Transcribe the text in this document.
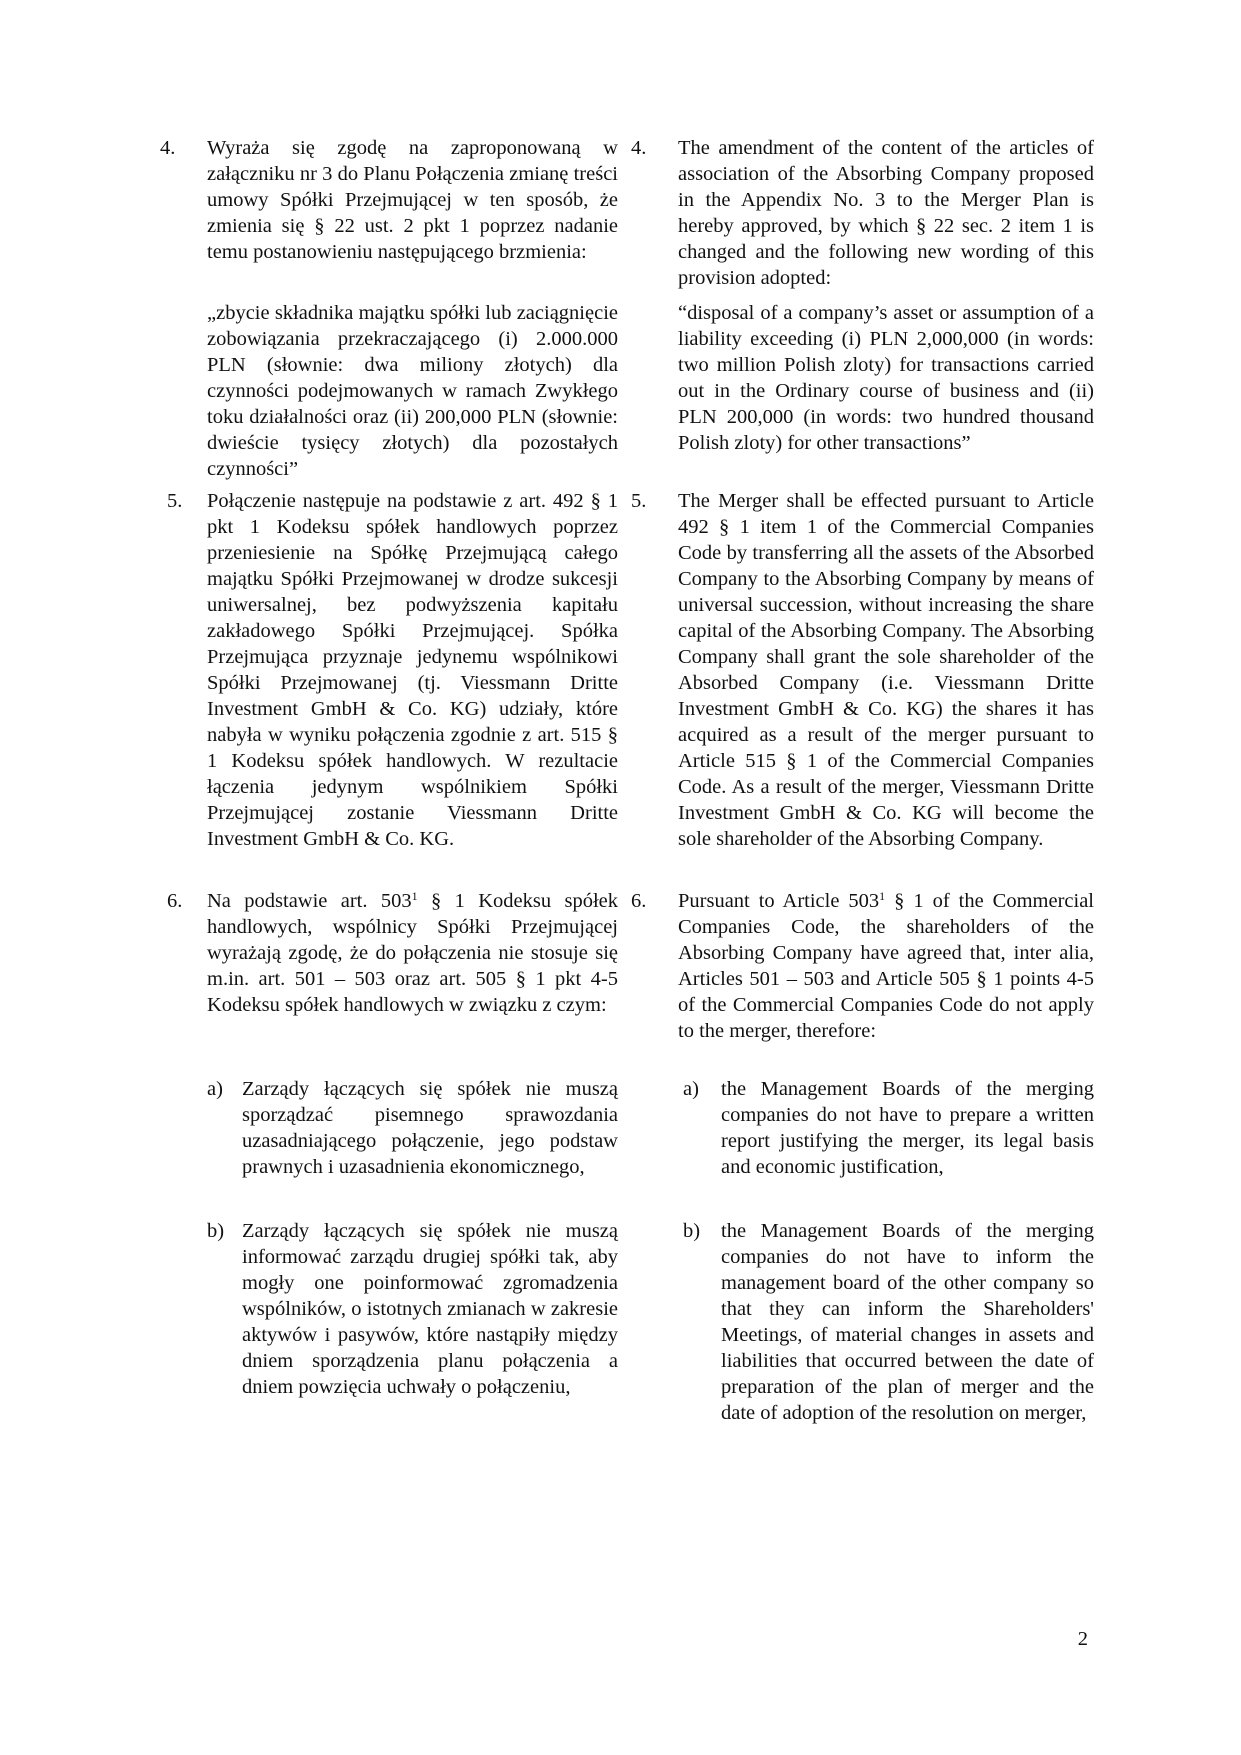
4. Wyraża się zgodę na zaproponowaną w załączniku nr 3 do Planu Połączenia zmianę treści umowy Spółki Przejmującej w ten sposób, że zmienia się § 22 ust. 2 pkt 1 poprzez nadanie temu postanowieniu następującego brzmienia:

4. The amendment of the content of the articles of association of the Absorbing Company proposed in the Appendix No. 3 to the Merger Plan is hereby approved, by which § 22 sec. 2 item 1 is changed and the following new wording of this provision adopted:

„zbycie składnika majątku spółki lub zaciągnięcie zobowiązania przekraczającego (i) 2.000.000 PLN (słownie: dwa miliony złotych) dla czynności podejmowanych w ramach Zwykłego toku działalności oraz (ii) 200,000 PLN (słownie: dwieście tysięcy złotych) dla pozostałych czynności”

“disposal of a company’s asset or assumption of a liability exceeding (i) PLN 2,000,000 (in words: two million Polish zloty) for transactions carried out in the Ordinary course of business and (ii) PLN 200,000 (in words: two hundred thousand Polish zloty) for other transactions”

5. Połączenie następuje na podstawie z art. 492 § 1 pkt 1 Kodeksu spółek handlowych poprzez przeniesienie na Spółkę Przejmującą całego majątku Spółki Przejmowanej w drodze sukcesji uniwersalnej, bez podwyższenia kapitału zakładowego Spółki Przejmującej. Spółka Przejmująca przyznaje jedynemu wspólnikowi Spółki Przejmowanej (tj. Viessmann Dritte Investment GmbH & Co. KG) udziały, które nabyła w wyniku połączenia zgodnie z art. 515 § 1 Kodeksu spółek handlowych. W rezultacie łączenia jedynym wspólnikiem Spółki Przejmującej zostanie Viessmann Dritte Investment GmbH & Co. KG.

5. The Merger shall be effected pursuant to Article 492 § 1 item 1 of the Commercial Companies Code by transferring all the assets of the Absorbed Company to the Absorbing Company by means of universal succession, without increasing the share capital of the Absorbing Company. The Absorbing Company shall grant the sole shareholder of the Absorbed Company (i.e. Viessmann Dritte Investment GmbH & Co. KG) the shares it has acquired as a result of the merger pursuant to Article 515 § 1 of the Commercial Companies Code. As a result of the merger, Viessmann Dritte Investment GmbH & Co. KG will become the sole shareholder of the Absorbing Company.

6. Na podstawie art. $503^1$ § 1 Kodeksu spółek handlowych, wspólnicy Spółki Przejmującej wyrażają zgodę, że do połączenia nie stosuje się m.in. art. 501 – 503 oraz art. 505 § 1 pkt 4-5 Kodeksu spółek handlowych w związku z czym:

6. Pursuant to Article $503^1$ § 1 of the Commercial Companies Code, the shareholders of the Absorbing Company have agreed that, inter alia, Articles 501 – 503 and Article 505 § 1 points 4-5 of the Commercial Companies Code do not apply to the merger, therefore:

a) Zarządy łączących się spółek nie muszą sporządzać pisemnego sprawozdania uzasadniającego połączenie, jego podstaw prawnych i uzasadnienia ekonomicznego,

a) the Management Boards of the merging companies do not have to prepare a written report justifying the merger, its legal basis and economic justification,

b) Zarządy łączących się spółek nie muszą informować zarządu drugiej spółki tak, aby mogły one poinformować zgromadzenia wspólników, o istotnych zmianach w zakresie aktywów i pasywów, które nastąpiły między dniem sporządzenia planu połączenia a dniem powzięcia uchwały o połączeniu,

b) the Management Boards of the merging companies do not have to inform the management board of the other company so that they can inform the Shareholders' Meetings, of material changes in assets and liabilities that occurred between the date of preparation of the plan of merger and the date of adoption of the resolution on merger,

2
